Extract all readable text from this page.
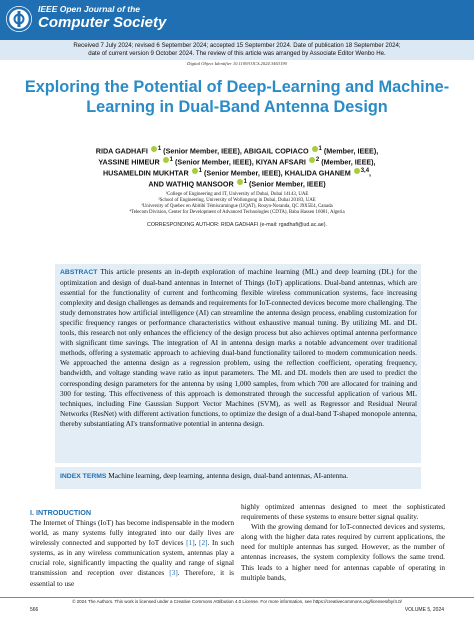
IEEE Open Journal of the
Computer Society
Received 7 July 2024; revised 6 September 2024; accepted 15 September 2024. Date of publication 18 September 2024;
date of current version 9 October 2024. The review of this article was arranged by Associate Editor Wenbo He.
Digital Object Identifier 10.1109/OJCS.2024.3463190
Exploring the Potential of Deep-Learning and Machine-Learning in Dual-Band Antenna Design
RIDA GADHAFI $^1$ (Senior Member, IEEE), ABIGAIL COPIACO $^1$ (Member, IEEE),
YASSINE HIMEUR $^1$ (Senior Member, IEEE), KIYAN AFSARI $^2$ (Member, IEEE),
HUSAMELDIN MUKHTAR $^1$ (Senior Member, IEEE), KHALIDA GHANEM $^{3,4}$,
AND WATHIQ MANSOOR $^1$ (Senior Member, IEEE)
¹College of Engineering and IT, University of Dubai, Dubai 14143, UAE
²School of Engineering, University of Wollongong in Dubai, Dubai 20183, UAE
³University of Quebec en Abitibi Témiscamingue (UQAT), Rouyn-Noranda, QC J9X5E4, Canada
⁴Telecom Division, Center for Development of Advanced Technologies (CDTA), Baba Hassen 16081, Algeria
CORRESPONDING AUTHOR: RIDA GADHAFI (e-mail: rgadhafi@ud.ac.ae).
ABSTRACT This article presents an in-depth exploration of machine learning (ML) and deep learning (DL) for the optimization and design of dual-band antennas in Internet of Things (IoT) applications. Dual-band antennas, which are essential for the functionality of current and forthcoming flexible wireless communication systems, face increasing complexity and design challenges as demands and requirements for IoT-connected devices become more challenging. The study demonstrates how artificial intelligence (AI) can streamline the antenna design process, enabling customization for specific frequency ranges or performance characteristics without exhaustive manual tuning. By utilizing ML and DL tools, this research not only enhances the efficiency of the design process but also achieves optimal antenna performance with significant time savings. The integration of AI in antenna design marks a notable advancement over traditional methods, offering a systematic approach to achieving dual-band functionality tailored to modern communication needs. We approached the antenna design as a regression problem, using the reflection coefficient, operating frequency, bandwidth, and voltage standing wave ratio as input parameters. The ML and DL models then are used to predict the corresponding design parameters for the antenna by using 1,000 samples, from which 700 are allocated for training and 300 for testing. This effectiveness of this approach is demonstrated through the successful application of various ML techniques, including Fine Gaussian Support Vector Machines (SVM), as well as Regressor and Residual Neural Networks (ResNet) with different activation functions, to optimize the design of a dual-band T-shaped monopole antenna, thereby substantiating AI's transformative potential in antenna design.
INDEX TERMS Machine learning, deep learning, antenna design, dual-band antennas, AI-antenna.
I. INTRODUCTION
The Internet of Things (IoT) has become indispensable in the modern world, as many systems fully integrated into our daily lives are wirelessly connected and supported by IoT devices [1], [2]. In such systems, as in any wireless communication system, antennas play a crucial role, significantly impacting the quality and range of signal transmission and reception over distances [3]. Therefore, it is essential to use
highly optimized antennas designed to meet the sophisticated requirements of these systems to ensure better signal quality.
With the growing demand for IoT-connected devices and systems, along with the higher data rates required by current applications, the need for multiple antennas has surged. However, as the number of antennas increases, the system complexity follows the same trend. This leads to a higher need for antennas capable of operating in multiple bands,
© 2024 The Authors. This work is licensed under a Creative Commons Attribution 4.0 License. For more information, see https://creativecommons.org/licenses/by/4.0/
566	VOLUME 5, 2024
